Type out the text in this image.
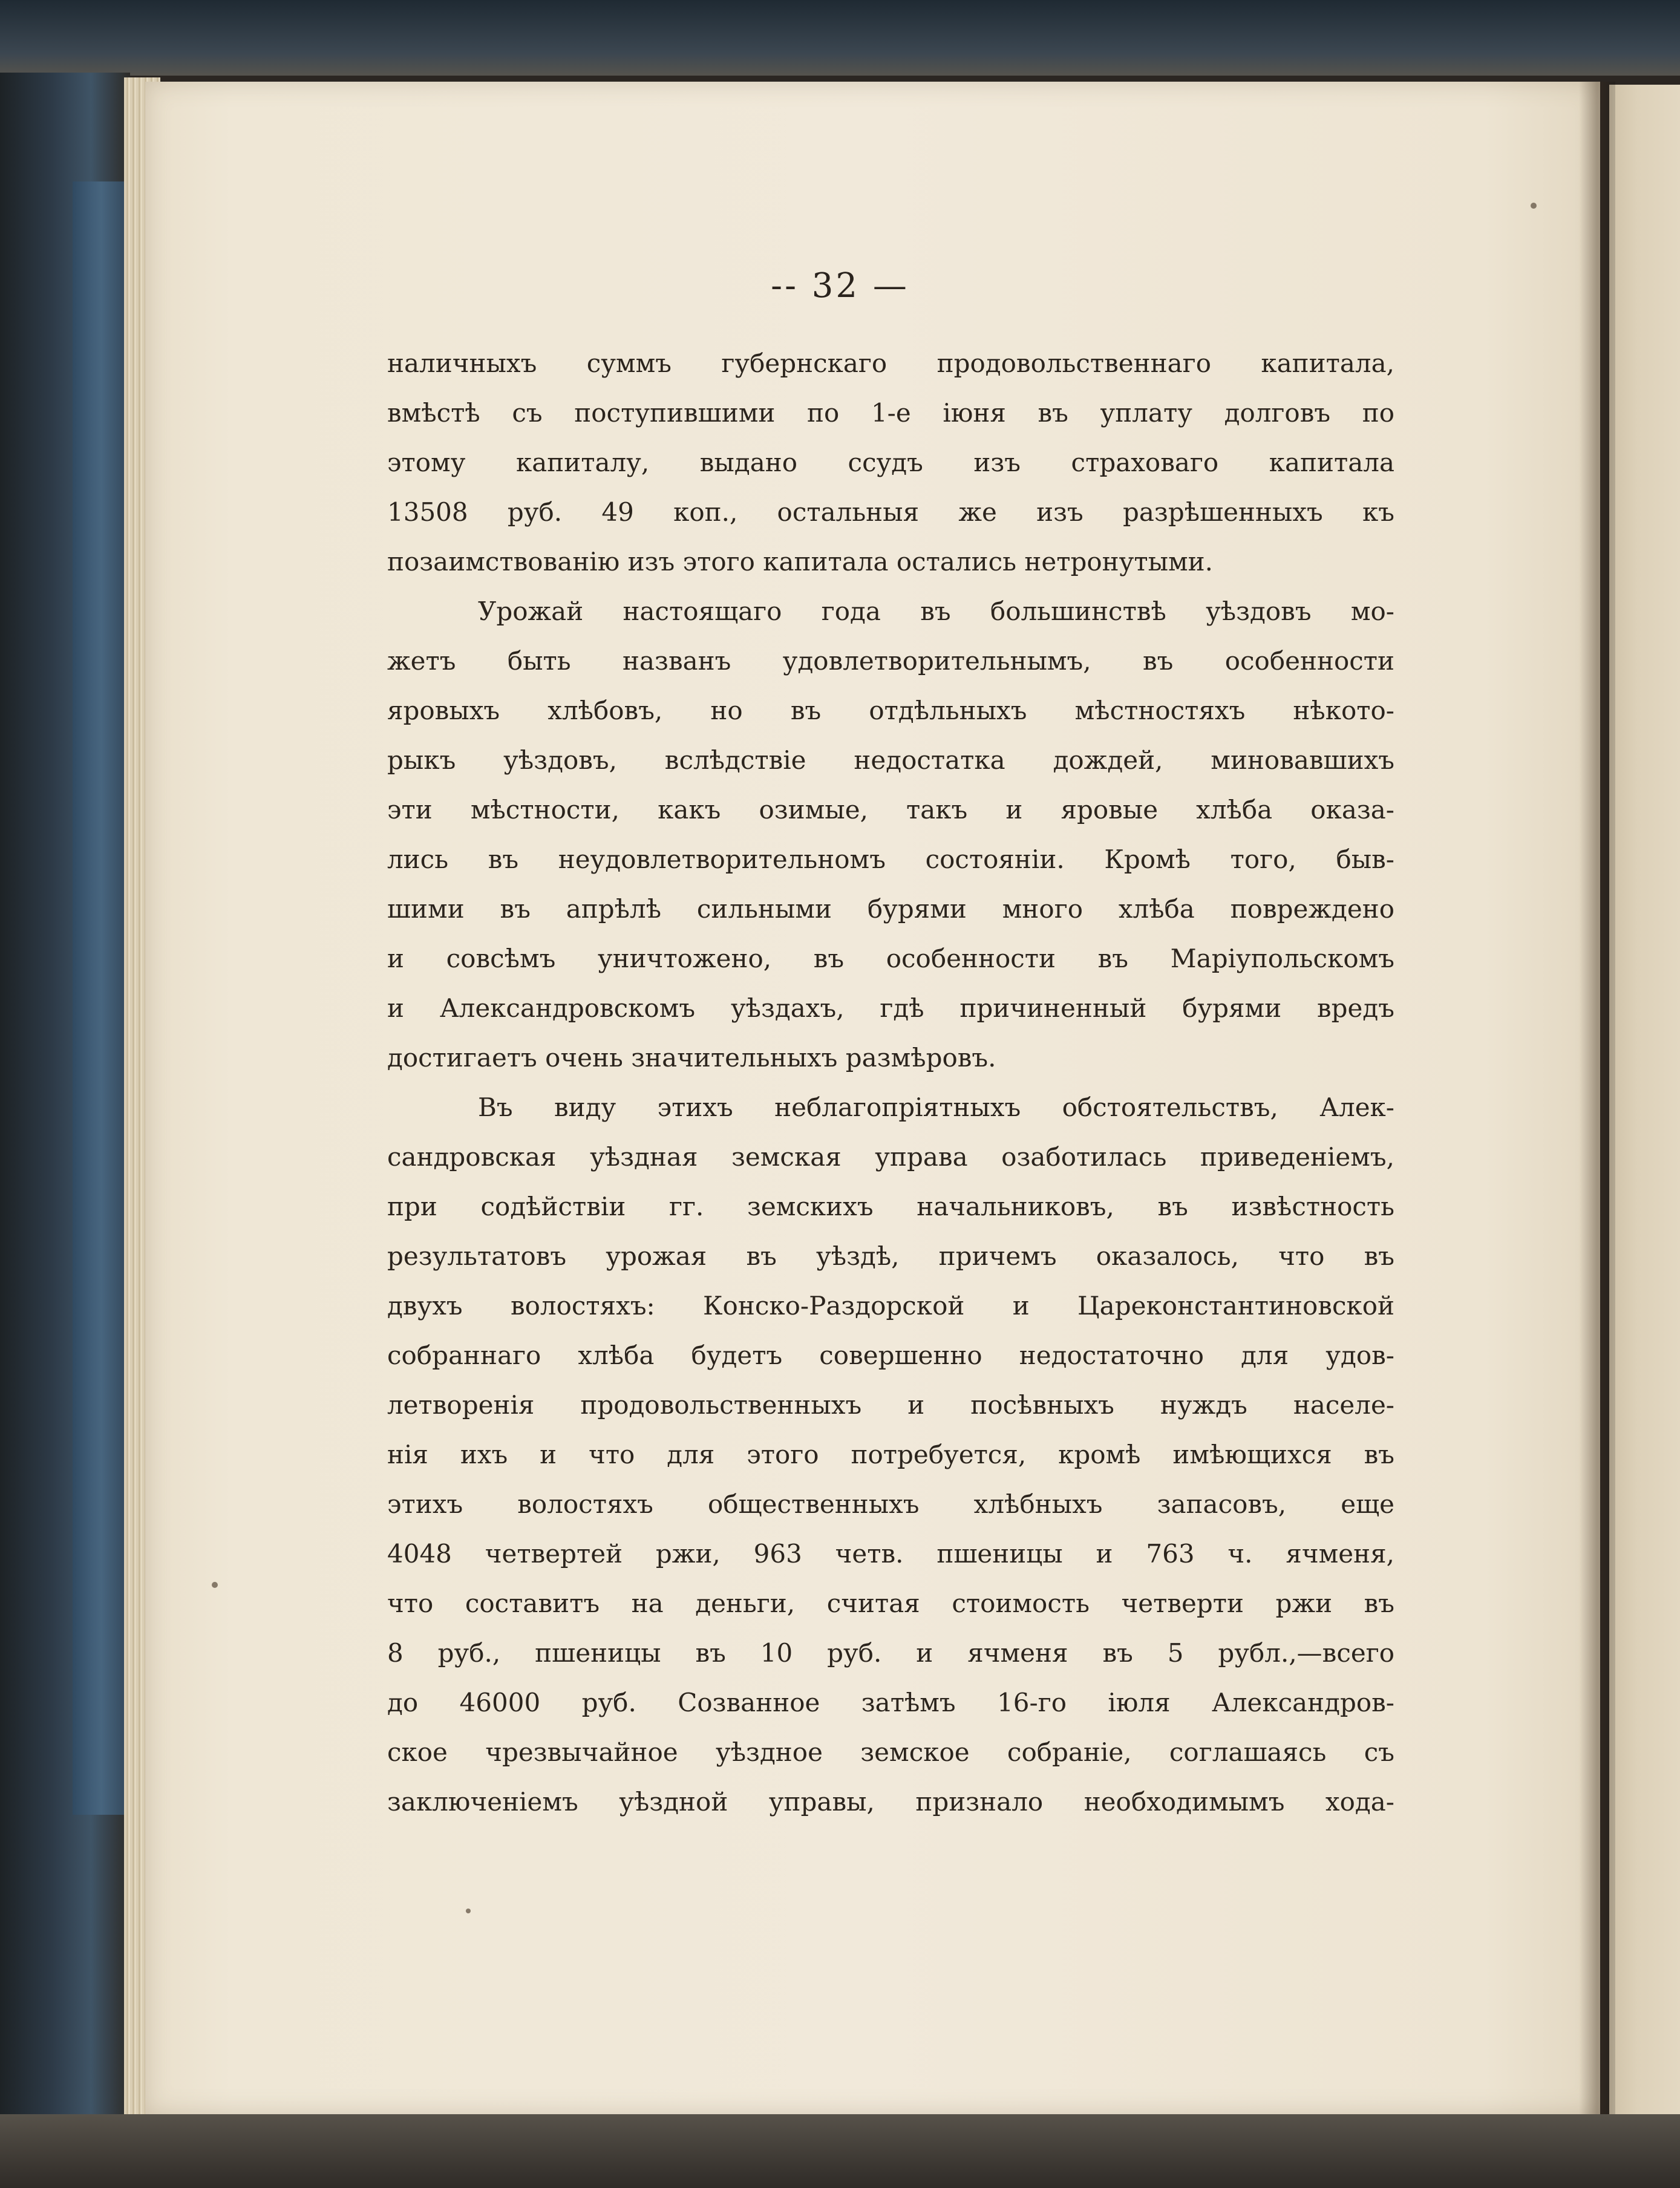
-- 32 —
наличныхъ суммъ губернскаго продовольственнаго капитала,
вмѣстѣ съ поступившими по 1-е iюня въ уплату долговъ по
этому капиталу, выдано ссудъ изъ страховаго капитала
13508 руб. 49 коп., остальныя же изъ разрѣшенныхъ къ
позаимствованiю изъ этого капитала остались нетронутыми.
Урожай настоящаго года въ большинствѣ уѣздовъ мо-
жетъ быть названъ удовлетворительнымъ, въ особенности
яровыхъ хлѣбовъ, но въ отдѣльныхъ мѣстностяхъ нѣкото-
рыкъ уѣздовъ, вслѣдствiе недостатка дождей, миновавшихъ
эти мѣстности, какъ озимые, такъ и яровые хлѣба оказа-
лись въ неудовлетворительномъ состоянiи. Кромѣ того, быв-
шими въ апрѣлѣ сильными бурями много хлѣба повреждено
и совсѣмъ уничтожено, въ особенности въ Марiупольскомъ
и Александровскомъ уѣздахъ, гдѣ причиненный бурями вредъ
достигаетъ очень значительныхъ размѣровъ.
Въ виду этихъ неблагопрiятныхъ обстоятельствъ, Алек-
сандровская уѣздная земская управа озаботилась приведенiемъ,
при содѣйствiи гг. земскихъ начальниковъ, въ извѣстность
результатовъ урожая въ уѣздѣ, причемъ оказалось, что въ
двухъ волостяхъ: Конско-Раздорской и Цареконстантиновской
собраннаго хлѣба будетъ совершенно недостаточно для удов-
летворенiя продовольственныхъ и посѣвныхъ нуждъ населе-
нiя ихъ и что для этого потребуется, кромѣ имѣющихся въ
этихъ волостяхъ общественныхъ хлѣбныхъ запасовъ, еще
4048 четвертей ржи, 963 четв. пшеницы и 763 ч. ячменя,
что составитъ на деньги, считая стоимость четверти ржи въ
8 руб., пшеницы въ 10 руб. и ячменя въ 5 рубл.,—всего
до 46000 руб. Созванное затѣмъ 16-го iюля Александров-
ское чрезвычайное уѣздное земское собранiе, соглашаясь съ
заключенiемъ уѣздной управы, признало необходимымъ хода-
